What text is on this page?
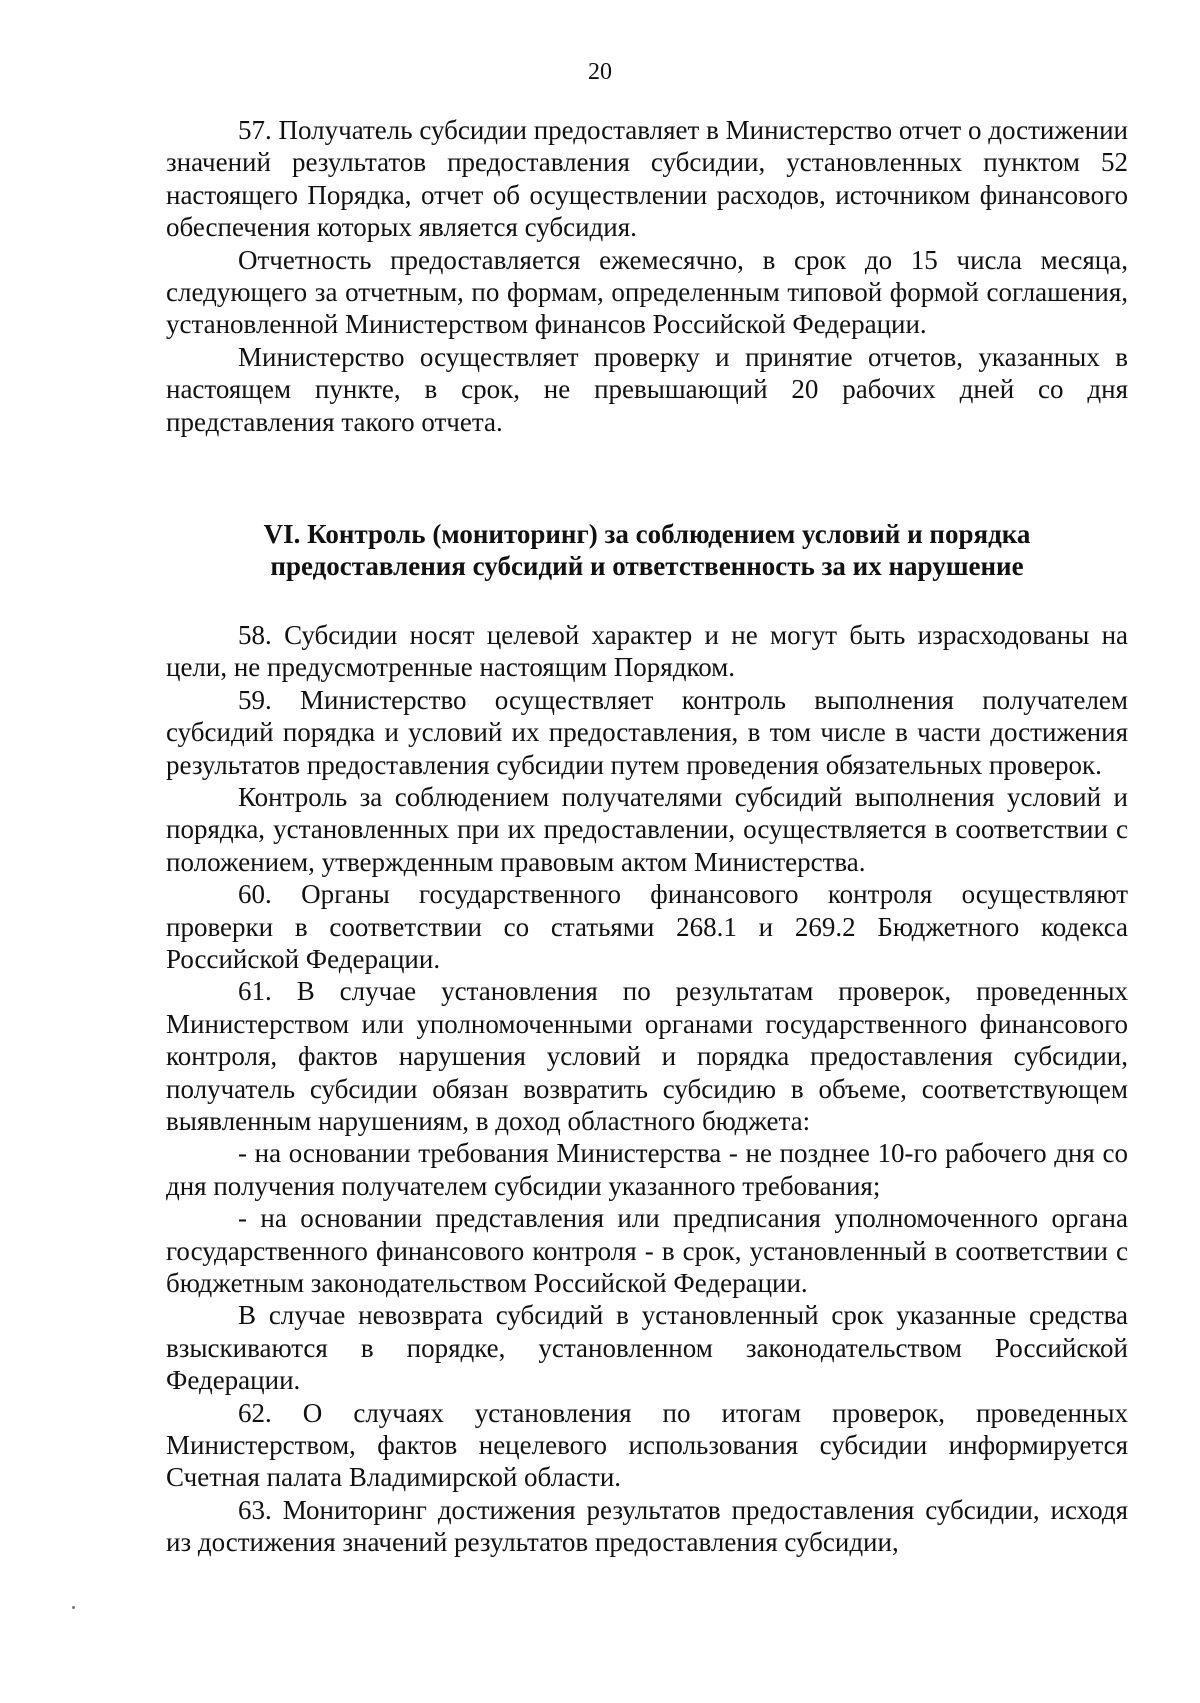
20

57. Получатель субсидии предоставляет в Министерство отчет о достижении значений результатов предоставления субсидии, установленных пунктом 52 настоящего Порядка, отчет об осуществлении расходов, источником финансового обеспечения которых является субсидия.

Отчетность предоставляется ежемесячно, в срок до 15 числа месяца, следующего за отчетным, по формам, определенным типовой формой соглашения, установленной Министерством финансов Российской Федерации.

Министерство осуществляет проверку и принятие отчетов, указанных в настоящем пункте, в срок, не превышающий 20 рабочих дней со дня представления такого отчета.

VI. Контроль (мониторинг) за соблюдением условий и порядка
предоставления субсидий и ответственность за их нарушение

58. Субсидии носят целевой характер и не могут быть израсходованы на цели, не предусмотренные настоящим Порядком.

59. Министерство осуществляет контроль выполнения получателем субсидий порядка и условий их предоставления, в том числе в части достижения результатов предоставления субсидии путем проведения обязательных проверок.

Контроль за соблюдением получателями субсидий выполнения условий и порядка, установленных при их предоставлении, осуществляется в соответствии с положением, утвержденным правовым актом Министерства.

60. Органы государственного финансового контроля осуществляют проверки в соответствии со статьями 268.1 и 269.2 Бюджетного кодекса Российской Федерации.

61. В случае установления по результатам проверок, проведенных Министерством или уполномоченными органами государственного финансового контроля, фактов нарушения условий и порядка предоставления субсидии, получатель субсидии обязан возвратить субсидию в объеме, соответствующем выявленным нарушениям, в доход областного бюджета:

- на основании требования Министерства - не позднее 10-го рабочего дня со дня получения получателем субсидии указанного требования;

- на основании представления или предписания уполномоченного органа государственного финансового контроля - в срок, установленный в соответствии с бюджетным законодательством Российской Федерации.

В случае невозврата субсидий в установленный срок указанные средства взыскиваются в порядке, установленном законодательством Российской Федерации.

62. О случаях установления по итогам проверок, проведенных Министерством, фактов нецелевого использования субсидии информируется Счетная палата Владимирской области.

63. Мониторинг достижения результатов предоставления субсидии, исходя из достижения значений результатов предоставления субсидии,
